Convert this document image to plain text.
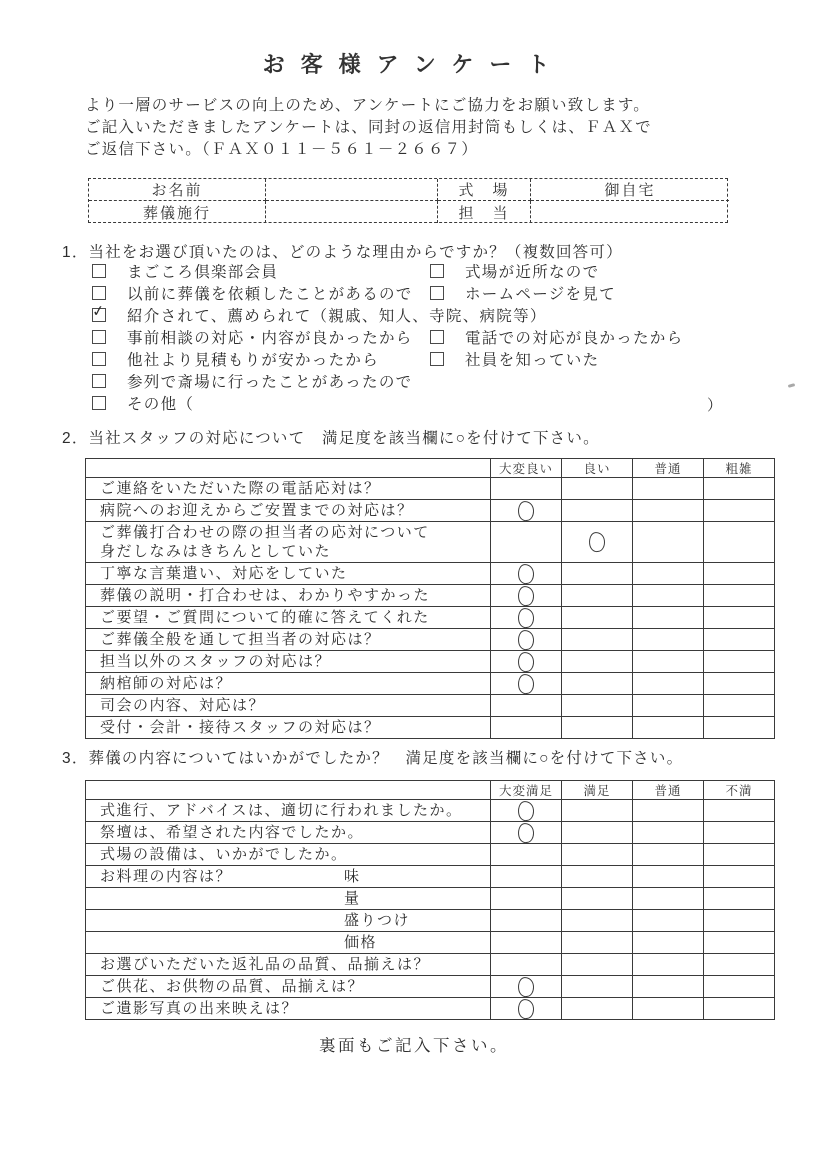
お客様アンケート
より一層のサービスの向上のため、アンケートにご協力をお願い致します。
ご記入いただきましたアンケートは、同封の返信用封筒もしくは、ＦＡＸで
ご返信下さい。（ＦＡＸ０１１－５６１－２６６７）
お名前	式　場	御自宅
葬儀施行	担　当
1．当社をお選び頂いたのは、どのような理由からですか？（複数回答可）
まごころ倶楽部会員	式場が近所なので
以前に葬儀を依頼したことがあるので	ホームページを見て
✓ 紹介されて、薦められて（親戚、知人、寺院、病院等）
事前相談の対応・内容が良かったから	電話での対応が良かったから
他社より見積もりが安かったから	社員を知っていた
参列で斎場に行ったことがあったので
その他（	）
2．当社スタッフの対応について　満足度を該当欄に○を付けて下さい。
	大変良い	良い	普通	粗雑
ご連絡をいただいた際の電話応対は？				
病院へのお迎えからご安置までの対応は？				
ご葬儀打合わせの際の担当者の応対について
身だしなみはきちんとしていた				
丁寧な言葉遣い、対応をしていた				
葬儀の説明・打合わせは、わかりやすかった				
ご要望・ご質問について的確に答えてくれた				
ご葬儀全般を通して担当者の対応は？				
担当以外のスタッフの対応は？				
納棺師の対応は？				
司会の内容、対応は？				
受付・会計・接待スタッフの対応は？				
3．葬儀の内容についてはいかがでしたか？　満足度を該当欄に○を付けて下さい。
	大変満足	満足	普通	不満
式進行、アドバイスは、適切に行われましたか。				
祭壇は、希望された内容でしたか。				
式場の設備は、いかがでしたか。				
お料理の内容は？ 味				
量				
盛りつけ				
価格				
お選びいただいた返礼品の品質、品揃えは？				
ご供花、お供物の品質、品揃えは？				
ご遺影写真の出来映えは？				
裏面もご記入下さい。
